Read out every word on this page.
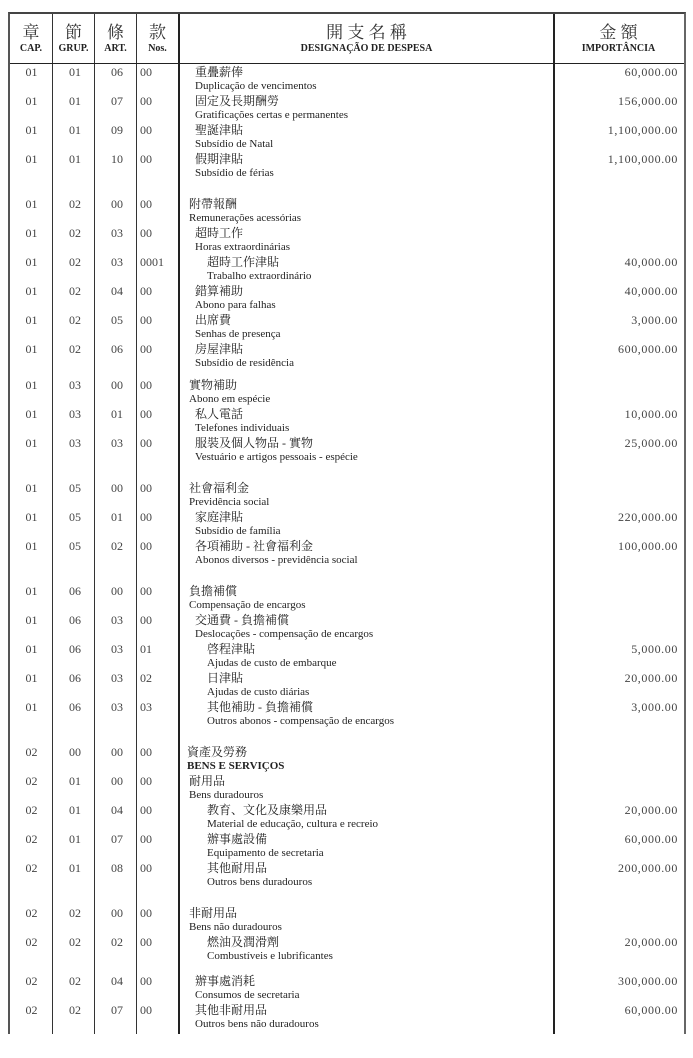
章
CAP.
節
GRUP.
條
ART.
款
Nos.
開 支 名 稱
DESIGNAÇÃO DE DESPESA
金 額
IMPORTÂNCIA
01	01	06	00	重疊薪俸
Duplicação de vencimentos
60,000.00
01	01	07	00	固定及長期酬勞
Gratificações certas e permanentes
156,000.00
01	01	09	00	聖誕津貼
Subsídio de Natal
1,100,000.00
01	01	10	00	假期津貼
Subsídio de férias
1,100,000.00
01	02	00	00	附帶報酬
Remunerações acessórias
01	02	03	00	超時工作
Horas extraordinárias
01	02	03	0001	超時工作津貼
Trabalho extraordinário
40,000.00
01	02	04	00	錯算補助
Abono para falhas
40,000.00
01	02	05	00	出席費
Senhas de presença
3,000.00
01	02	06	00	房屋津貼
Subsídio de residência
600,000.00
01	03	00	00	實物補助
Abono em espécie
01	03	01	00	私人電話
Telefones individuais
10,000.00
01	03	03	00	服裝及個人物品 - 實物
Vestuário e artigos pessoais - espécie
25,000.00
01	05	00	00	社會福利金
Previdência social
01	05	01	00	家庭津貼
Subsídio de família
220,000.00
01	05	02	00	各項補助 - 社會福利金
Abonos diversos - previdência social
100,000.00
01	06	00	00	負擔補償
Compensação de encargos
01	06	03	00	交通費 - 負擔補償
Deslocações - compensação de encargos
01	06	03	01	啓程津貼
Ajudas de custo de embarque
5,000.00
01	06	03	02	日津貼
Ajudas de custo diárias
20,000.00
01	06	03	03	其他補助 - 負擔補償
Outros abonos - compensação de encargos
3,000.00
02	00	00	00	資產及勞務
BENS E SERVIÇOS
02	01	00	00	耐用品
Bens duradouros
02	01	04	00	教育、文化及康樂用品
Material de educação, cultura e recreio
20,000.00
02	01	07	00	辦事處設備
Equipamento de secretaria
60,000.00
02	01	08	00	其他耐用品
Outros bens duradouros
200,000.00
02	02	00	00	非耐用品
Bens não duradouros
02	02	02	00	燃油及潤滑劑
Combustíveis e lubrificantes
20,000.00
02	02	04	00	辦事處消耗
Consumos de secretaria
300,000.00
02	02	07	00	其他非耐用品
Outros bens não duradouros
60,000.00
